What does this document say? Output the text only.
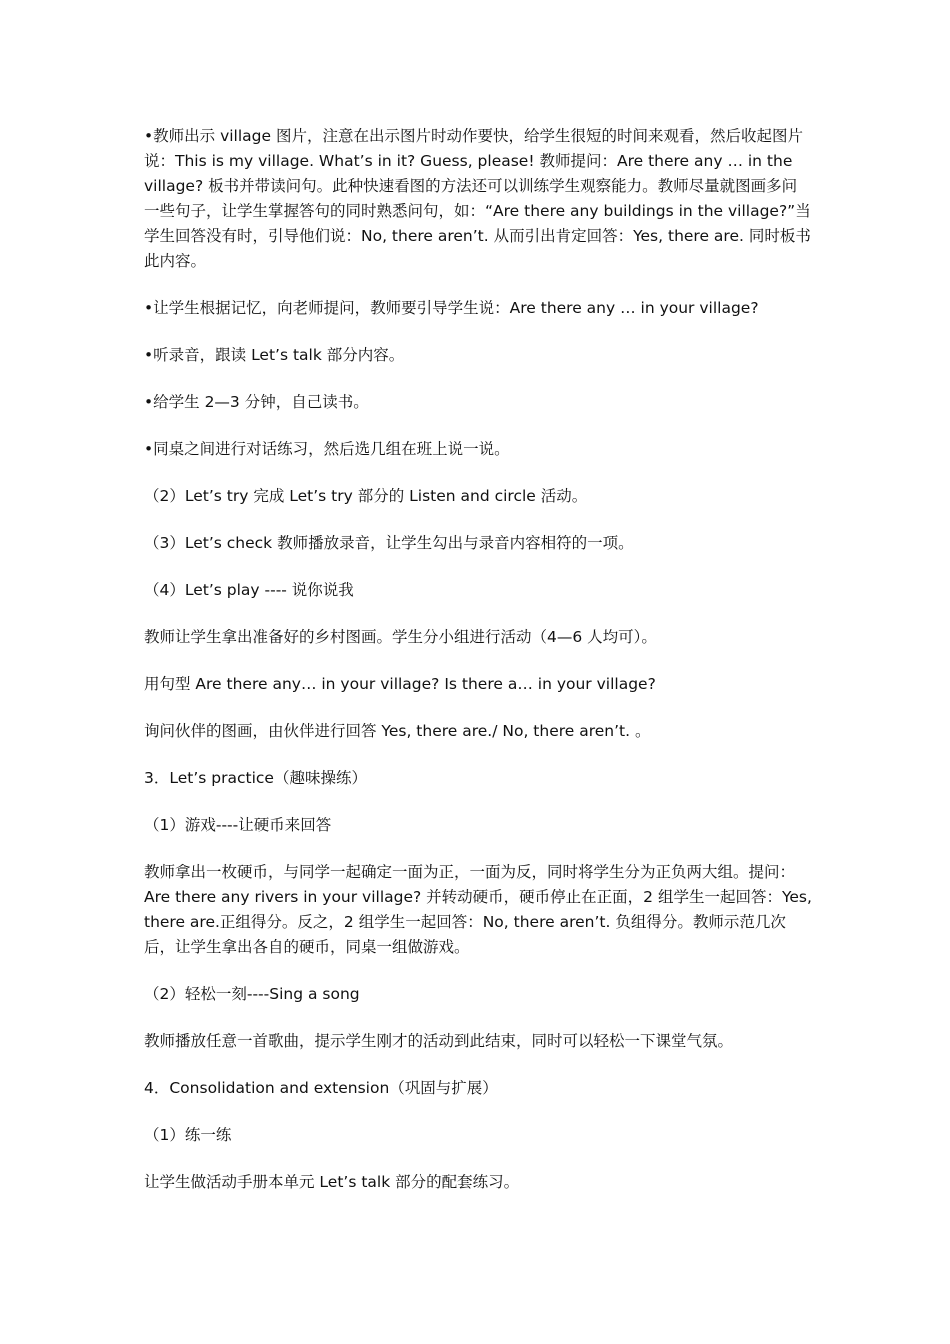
•教师出示 village 图片，注意在出示图片时动作要快，给学生很短的时间来观看，然后收起图片说：This is my village. What’s in it? Guess, please! 教师提问：Are there any … in the village? 板书并带读问句。此种快速看图的方法还可以训练学生观察能力。教师尽量就图画多问一些句子，让学生掌握答句的同时熟悉问句，如：“Are there any buildings in the village?”当学生回答没有时，引导他们说：No, there aren’t. 从而引出肯定回答：Yes, there are. 同时板书此内容。

•让学生根据记忆，向老师提问，教师要引导学生说：Are there any … in your village?

•听录音，跟读 Let’s talk 部分内容。

•给学生 2—3 分钟，自己读书。

•同桌之间进行对话练习，然后选几组在班上说一说。

（2）Let’s try 完成 Let’s try 部分的 Listen and circle 活动。

（3）Let’s check 教师播放录音，让学生勾出与录音内容相符的一项。

（4）Let’s play ---- 说你说我

教师让学生拿出准备好的乡村图画。学生分小组进行活动（4—6 人均可）。

用句型 Are there any… in your village? Is there a… in your village?

询问伙伴的图画，由伙伴进行回答 Yes, there are./ No, there aren’t. 。

3．Let’s practice（趣味操练）

（1）游戏----让硬币来回答

教师拿出一枚硬币，与同学一起确定一面为正，一面为反，同时将学生分为正负两大组。提问：Are there any rivers in your village? 并转动硬币，硬币停止在正面，2 组学生一起回答：Yes, there are.正组得分。反之，2 组学生一起回答：No, there aren’t. 负组得分。教师示范几次后，让学生拿出各自的硬币，同桌一组做游戏。

（2）轻松一刻----Sing a song

教师播放任意一首歌曲，提示学生刚才的活动到此结束，同时可以轻松一下课堂气氛。

4．Consolidation and extension（巩固与扩展）

（1）练一练

让学生做活动手册本单元 Let’s talk 部分的配套练习。
